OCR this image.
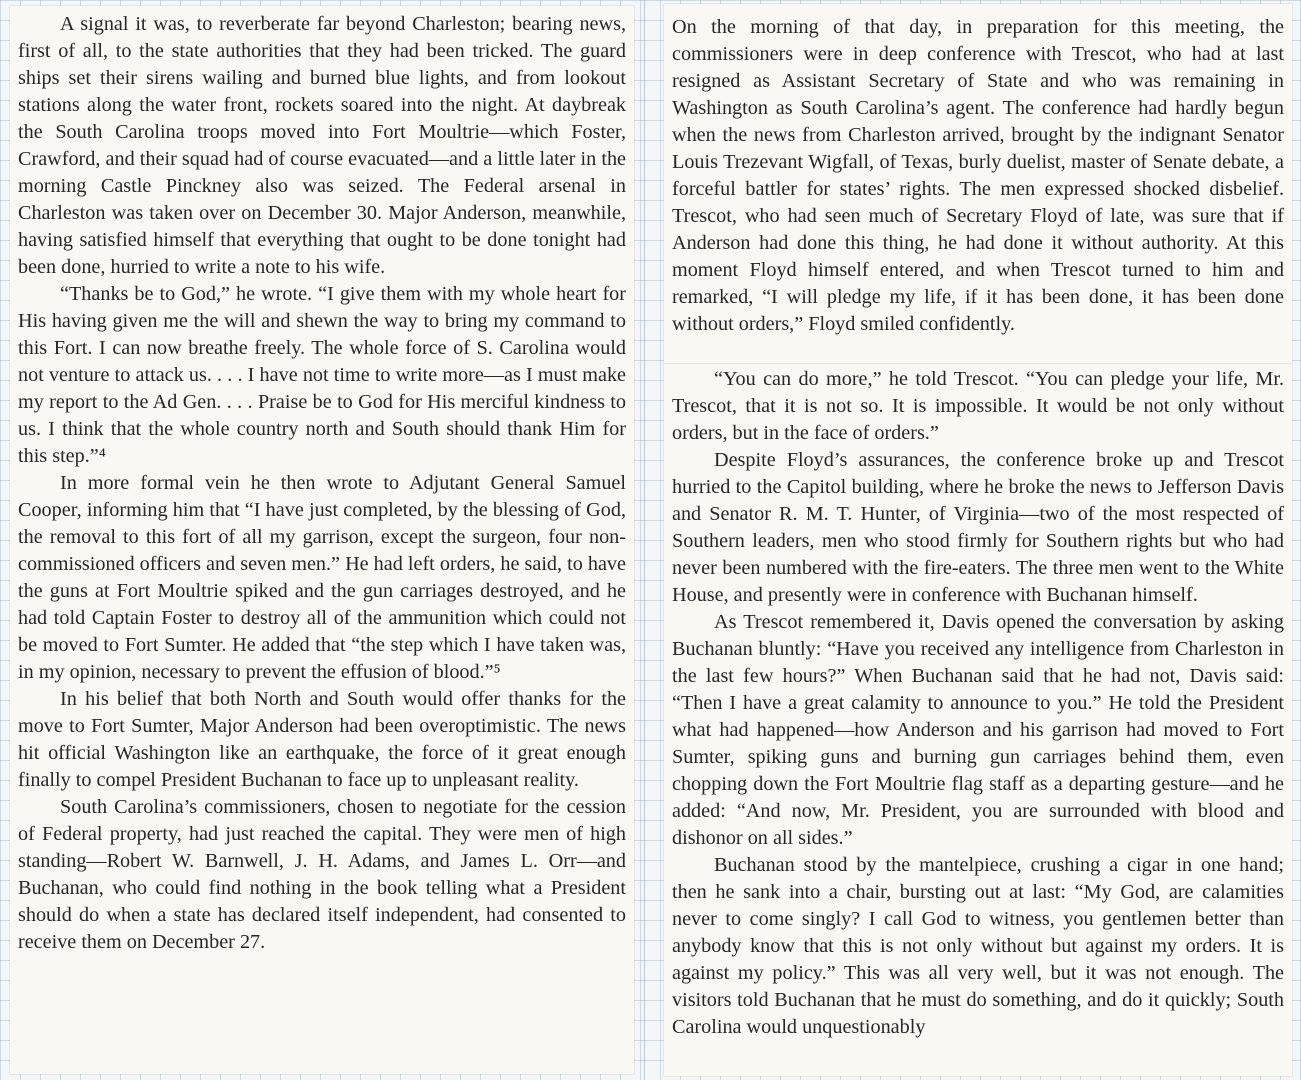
A signal it was, to reverberate far beyond Charleston; bearing news, first of all, to the state authorities that they had been tricked. The guard ships set their sirens wailing and burned blue lights, and from lookout stations along the water front, rockets soared into the night. At daybreak the South Carolina troops moved into Fort Moultrie—which Foster, Crawford, and their squad had of course evacuated—and a little later in the morning Castle Pinckney also was seized. The Federal arsenal in Charleston was taken over on December 30. Major Anderson, meanwhile, having satisfied himself that everything that ought to be done tonight had been done, hurried to write a note to his wife.

“Thanks be to God,” he wrote. “I give them with my whole heart for His having given me the will and shewn the way to bring my command to this Fort. I can now breathe freely. The whole force of S. Carolina would not venture to attack us. . . . I have not time to write more—as I must make my report to the Ad Gen. . . . Praise be to God for His merciful kindness to us. I think that the whole country north and South should thank Him for this step.”⁴

In more formal vein he then wrote to Adjutant General Samuel Cooper, informing him that “I have just completed, by the blessing of God, the removal to this fort of all my garrison, except the surgeon, four non-commissioned officers and seven men.” He had left orders, he said, to have the guns at Fort Moultrie spiked and the gun carriages destroyed, and he had told Captain Foster to destroy all of the ammunition which could not be moved to Fort Sumter. He added that “the step which I have taken was, in my opinion, necessary to prevent the effusion of blood.”⁵

In his belief that both North and South would offer thanks for the move to Fort Sumter, Major Anderson had been overoptimistic. The news hit official Washington like an earthquake, the force of it great enough finally to compel President Buchanan to face up to unpleasant reality.

South Carolina’s commissioners, chosen to negotiate for the cession of Federal property, had just reached the capital. They were men of high standing—Robert W. Barnwell, J. H. Adams, and James L. Orr—and Buchanan, who could find nothing in the book telling what a President should do when a state has declared itself independent, had consented to receive them on December 27.

On the morning of that day, in preparation for this meeting, the commissioners were in deep conference with Trescot, who had at last resigned as Assistant Secretary of State and who was remaining in Washington as South Carolina’s agent. The conference had hardly begun when the news from Charleston arrived, brought by the indignant Senator Louis Trezevant Wigfall, of Texas, burly duelist, master of Senate debate, a forceful battler for states’ rights. The men expressed shocked disbelief. Trescot, who had seen much of Secretary Floyd of late, was sure that if Anderson had done this thing, he had done it without authority. At this moment Floyd himself entered, and when Trescot turned to him and remarked, “I will pledge my life, if it has been done, it has been done without orders,” Floyd smiled confidently.

“You can do more,” he told Trescot. “You can pledge your life, Mr. Trescot, that it is not so. It is impossible. It would be not only without orders, but in the face of orders.”

Despite Floyd’s assurances, the conference broke up and Trescot hurried to the Capitol building, where he broke the news to Jefferson Davis and Senator R. M. T. Hunter, of Virginia—two of the most respected of Southern leaders, men who stood firmly for Southern rights but who had never been numbered with the fire-eaters. The three men went to the White House, and presently were in conference with Buchanan himself.

As Trescot remembered it, Davis opened the conversation by asking Buchanan bluntly: “Have you received any intelligence from Charleston in the last few hours?” When Buchanan said that he had not, Davis said: “Then I have a great calamity to announce to you.” He told the President what had happened—how Anderson and his garrison had moved to Fort Sumter, spiking guns and burning gun carriages behind them, even chopping down the Fort Moultrie flag staff as a departing gesture—and he added: “And now, Mr. President, you are surrounded with blood and dishonor on all sides.”

Buchanan stood by the mantelpiece, crushing a cigar in one hand; then he sank into a chair, bursting out at last: “My God, are calamities never to come singly? I call God to witness, you gentlemen better than anybody know that this is not only without but against my orders. It is against my policy.” This was all very well, but it was not enough. The visitors told Buchanan that he must do something, and do it quickly; South Carolina would unquestionably
